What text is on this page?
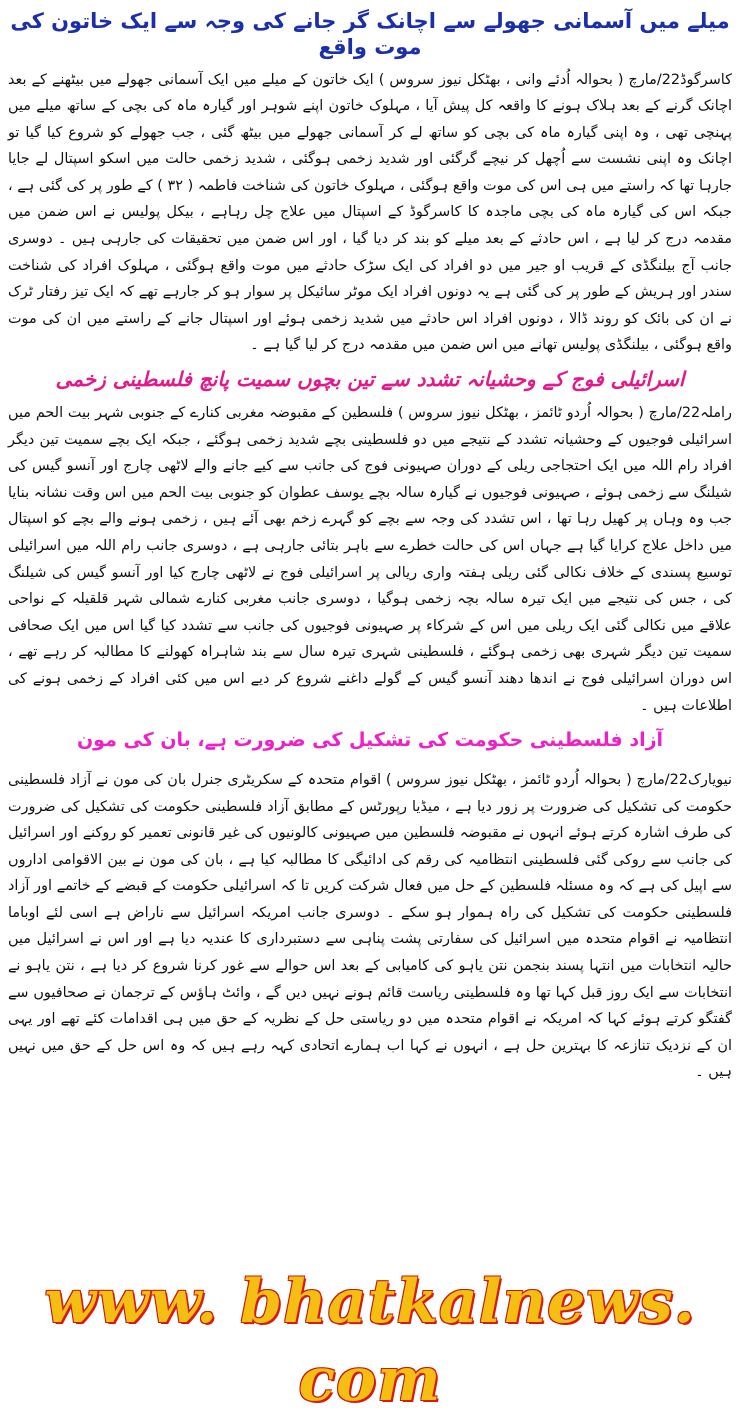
میلے میں آسمانی جھولے سے اچانک گر جانے کی وجہ سے ایک خاتون کی موت واقع

کاسرگوڈ22/مارچ ( بحوالہ اُدئے وانی ، بھٹکل نیوز سروس ) ایک خاتون کے میلے میں ایک آسمانی جھولے میں بیٹھنے کے بعد اچانک گرنے کے بعد ہلاک ہونے کا واقعہ کل پیش آیا ، مہلوک خاتون اپنے شوہر اور گیارہ ماہ کی بچی کے ساتھ میلے میں پہنچی تھی ، وہ اپنی گیارہ ماہ کی بچی کو ساتھ لے کر آسمانی جھولے میں بیٹھ گئی ، جب جھولے کو شروع کیا گیا تو اچانک وہ اپنی نشست سے اُچھل کر نیچے گرگئی اور شدید زخمی ہوگئی ، شدید زخمی حالت میں اسکو اسپتال لے جایا جارہا تھا کہ راستے میں ہی اس کی موت واقع ہوگئی ، مہلوک خاتون کی شناخت فاطمہ ( ۳۲ ) کے طور پر کی گئی ہے ، جبکہ اس کی گیارہ ماہ کی بچی ماجدہ کا کاسرگوڈ کے اسپتال میں علاج چل رہاہے ، بیکل پولیس نے اس ضمن میں مقدمہ درج کر لیا ہے ، اس حادثے کے بعد میلے کو بند کر دیا گیا ، اور اس ضمن میں تحقیقات کی جارہی ہیں ۔ دوسری جانب آج بیلنگڈی کے قریب او جیر میں دو افراد کی ایک سڑک حادثے میں موت واقع ہوگئی ، مہلوک افراد کی شناخت سندر اور ہریش کے طور پر کی گئی ہے یہ دونوں افراد ایک موٹر سائیکل پر سوار ہو کر جارہے تھے کہ ایک تیز رفتار ٹرک نے ان کی بائک کو روند ڈالا ، دونوں افراد اس حادثے میں شدید زخمی ہوئے اور اسپتال جانے کے راستے میں ان کی موت واقع ہوگئی ، بیلنگڈی پولیس تھانے میں اس ضمن میں مقدمہ درج کر لیا گیا ہے ۔

اسرائیلی فوج کے وحشیانہ تشدد سے تین بچوں سمیت پانچ فلسطینی زخمی

راملہ22/مارچ ( بحوالہ اُردو ٹائمز ، بھٹکل نیوز سروس ) فلسطین کے مقبوضہ مغربی کنارے کے جنوبی شہر بیت الحم میں اسرائیلی فوجیوں کے وحشیانہ تشدد کے نتیجے میں دو فلسطینی بچے شدید زخمی ہوگئے ، جبکہ ایک بچے سمیت تین دیگر افراد رام اللہ میں ایک احتجاجی ریلی کے دوران صہیونی فوج کی جانب سے کیے جانے والے لاٹھی چارج اور آنسو گیس کی شیلنگ سے زخمی ہوئے ، صہیونی فوجیوں نے گیارہ سالہ بچے یوسف عطوان کو جنوبی بیت الحم میں اس وقت نشانہ بنایا جب وہ وہاں پر کھیل رہا تھا ، اس تشدد کی وجہ سے بچے کو گہرے زخم بھی آئے ہیں ، زخمی ہونے والے بچے کو اسپتال میں داخل علاج کرایا گیا ہے جہاں اس کی حالت خطرے سے باہر بتائی جارہی ہے ، دوسری جانب رام اللہ میں اسرائیلی توسیع پسندی کے خلاف نکالی گئی ریلی ہفتہ واری ریالی پر اسرائیلی فوج نے لاٹھی چارج کیا اور آنسو گیس کی شیلنگ کی ، جس کی نتیجے میں ایک تیرہ سالہ بچہ زخمی ہوگیا ، دوسری جانب مغربی کنارے شمالی شہر قلقیلہ کے نواحی علاقے میں نکالی گئی ایک ریلی میں اس کے شرکاء پر صہیونی فوجیوں کی جانب سے تشدد کیا گیا اس میں ایک صحافی سمیت تین دیگر شہری بھی زخمی ہوگئے ، فلسطینی شہری تیرہ سال سے بند شاہراہ کھولنے کا مطالبہ کر رہے تھے ، اس دوران اسرائیلی فوج نے اندھا دھند آنسو گیس کے گولے داغنے شروع کر دیے اس میں کئی افراد کے زخمی ہونے کی اطلاعات ہیں ۔

آزاد فلسطینی حکومت کی تشکیل کی ضرورت ہے، بان کی مون

نیویارک22/مارچ ( بحوالہ اُردو ٹائمز ، بھٹکل نیوز سروس ) اقوام متحدہ کے سکریٹری جنرل بان کی مون نے آزاد فلسطینی حکومت کی تشکیل کی ضرورت پر زور دیا ہے ، میڈیا رپورٹس کے مطابق آزاد فلسطینی حکومت کی تشکیل کی ضرورت کی طرف اشارہ کرتے ہوئے انہوں نے مقبوضہ فلسطین میں صہیونی کالونیوں کی غیر قانونی تعمیر کو روکنے اور اسرائیل کی جانب سے روکی گئی فلسطینی انتظامیہ کی رقم کی ادائیگی کا مطالبہ کیا ہے ، بان کی مون نے بین الاقوامی اداروں سے اپیل کی ہے کہ وہ مسئلہ فلسطین کے حل میں فعال شرکت کریں تا کہ اسرائیلی حکومت کے قبضے کے خاتمے اور آزاد فلسطینی حکومت کی تشکیل کی راہ ہموار ہو سکے ۔ دوسری جانب امریکہ اسرائیل سے ناراض ہے اسی لئے اوباما انتظامیہ نے اقوام متحدہ میں اسرائیل کی سفارتی پشت پناہی سے دستبرداری کا عندیہ دیا ہے اور اس نے اسرائیل میں حالیہ انتخابات میں انتہا پسند بنجمن نتن یاہو کی کامیابی کے بعد اس حوالے سے غور کرنا شروع کر دیا ہے ، نتن یاہو نے انتخابات سے ایک روز قبل کہا تھا وہ فلسطینی ریاست قائم ہونے نہیں دیں گے ، وائٹ ہاؤس کے ترجمان نے صحافیوں سے گفتگو کرتے ہوئے کہا کہ امریکہ نے اقوام متحدہ میں دو ریاستی حل کے نظریہ کے حق میں ہی اقدامات کئے تھے اور یہی ان کے نزدیک تنازعہ کا بہترین حل ہے ، انہوں نے کہا اب ہمارے اتحادی کہہ رہے ہیں کہ وہ اس حل کے حق میں نہیں ہیں ۔

www. bhatkalnews. com
